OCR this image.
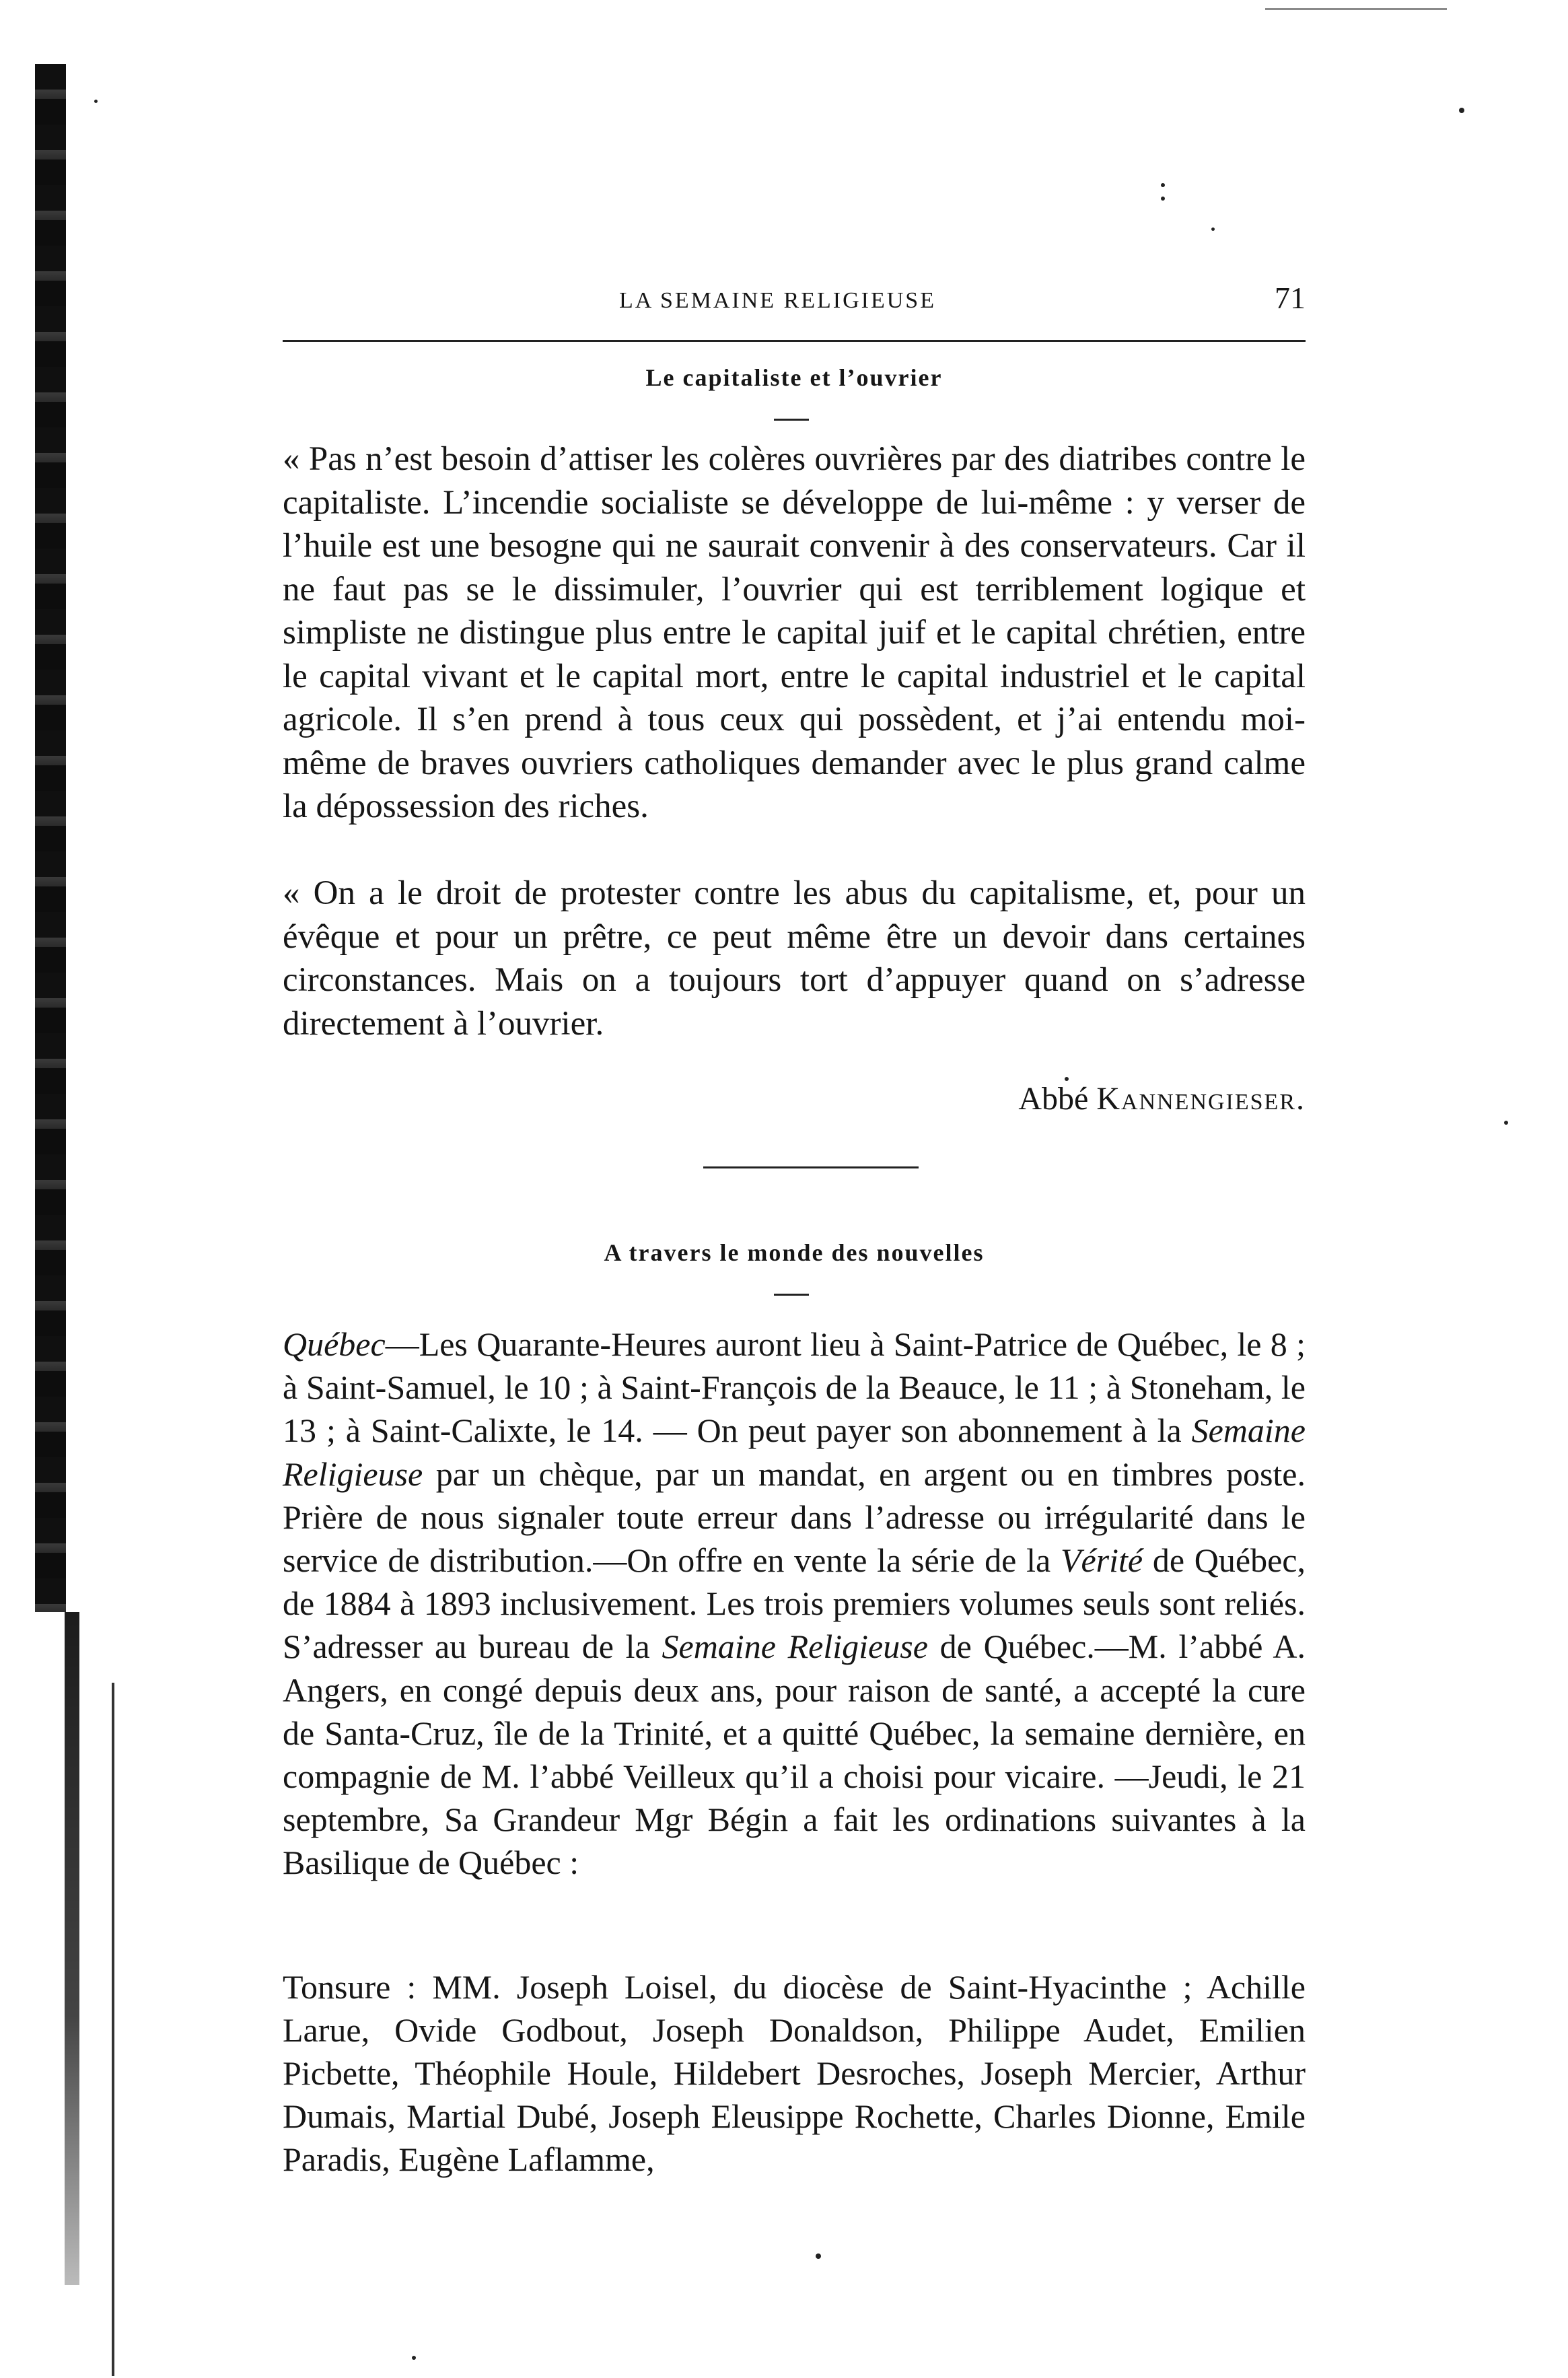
LA SEMAINE RELIGIEUSE	71
Le capitaliste et l’ouvrier

« Pas n’est besoin d’attiser les colères ouvrières par des diatribes contre le capitaliste. L’incendie socialiste se développe de lui-même : y verser de l’huile est une besogne qui ne saurait convenir à des conservateurs. Car il ne faut pas se le dissimuler, l’ouvrier qui est terriblement logique et simpliste ne distingue plus entre le capital juif et le capital chrétien, entre le capital vivant et le capital mort, entre le capital industriel et le capital agricole. Il s’en prend à tous ceux qui possèdent, et j’ai entendu moi-même de braves ouvriers catholiques demander avec le plus grand calme la dépossession des riches.

« On a le droit de protester contre les abus du capitalisme, et, pour un évêque et pour un prêtre, ce peut même être un devoir dans certaines circonstances. Mais on a toujours tort d’appuyer quand on s’adresse directement à l’ouvrier.

Abbé Kannengieser.
A travers le monde des nouvelles

Québec—Les Quarante-Heures auront lieu à Saint-Patrice de Québec, le 8 ; à Saint-Samuel, le 10 ; à Saint-François de la Beauce, le 11 ; à Stoneham, le 13 ; à Saint-Calixte, le 14. — On peut payer son abonnement à la Semaine Religieuse par un chèque, par un mandat, en argent ou en timbres poste. Prière de nous signaler toute erreur dans l’adresse ou irrégularité dans le service de distribution.—On offre en vente la série de la Vérité de Québec, de 1884 à 1893 inclusivement. Les trois premiers volumes seuls sont reliés. S’adresser au bureau de la Semaine Religieuse de Québec.—M. l’abbé A. Angers, en congé depuis deux ans, pour raison de santé, a accepté la cure de Santa-Cruz, île de la Trinité, et a quitté Québec, la semaine dernière, en compagnie de M. l’abbé Veilleux qu’il a choisi pour vicaire. —Jeudi, le 21 septembre, Sa Grandeur Mgr Bégin a fait les ordinations suivantes à la Basilique de Québec :

Tonsure : MM. Joseph Loisel, du diocèse de Saint-Hyacinthe ; Achille Larue, Ovide Godbout, Joseph Donaldson, Philippe Audet, Emilien Picbette, Théophile Houle, Hildebert Desroches, Joseph Mercier, Arthur Dumais, Martial Dubé, Joseph Eleusippe Rochette, Charles Dionne, Emile Paradis, Eugène Laflamme,
